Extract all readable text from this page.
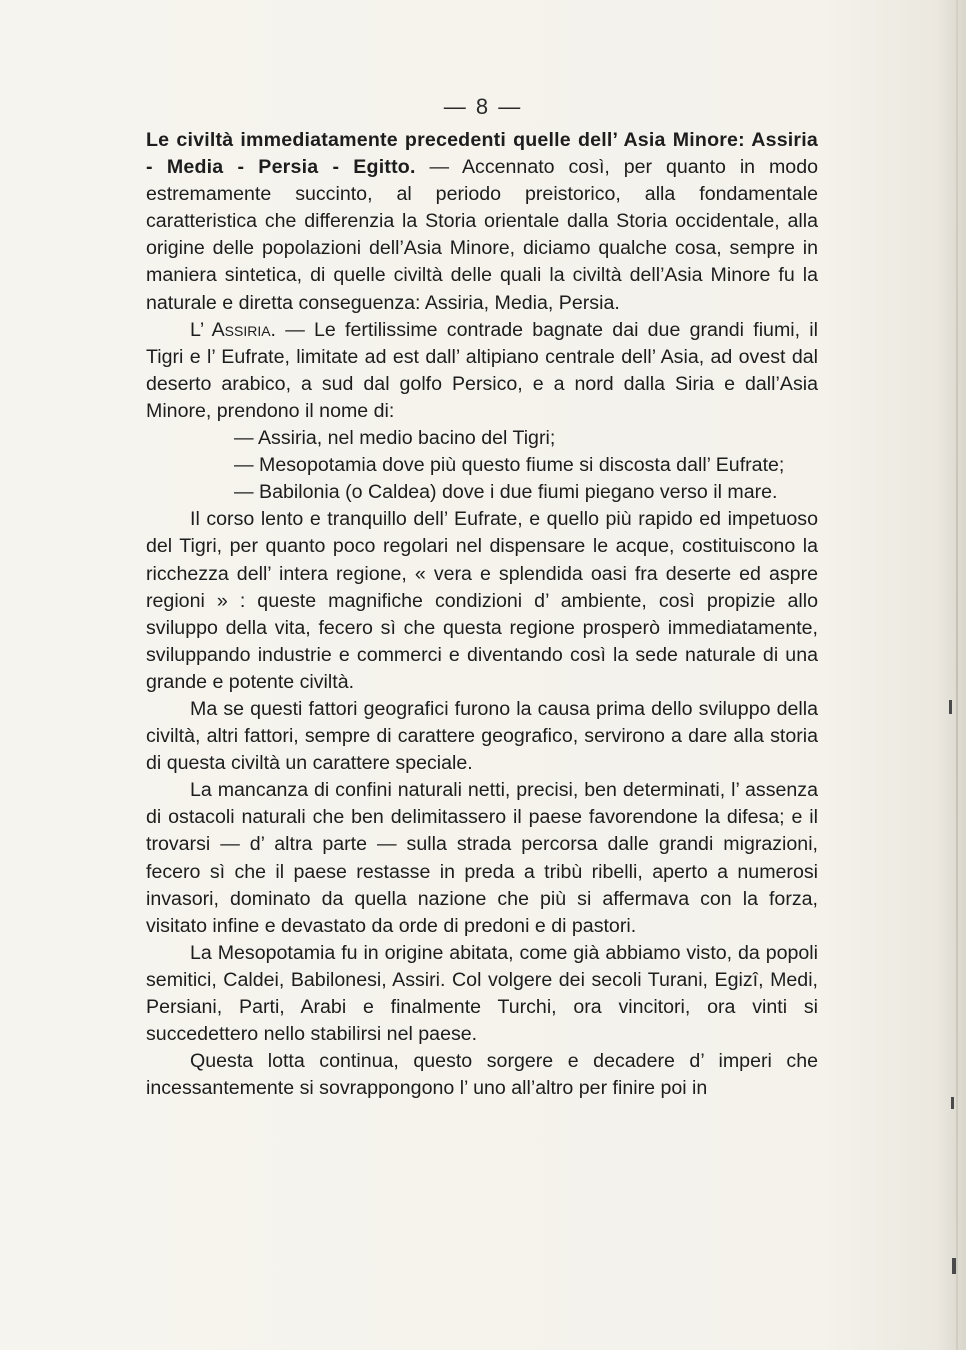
— 8 —

Le civiltà immediatamente precedenti quelle dell’ Asia Minore: Assiria - Media - Persia - Egitto. — Accennato così, per quanto in modo estremamente succinto, al periodo preistorico, alla fondamentale caratteristica che differenzia la Storia orientale dalla Storia occidentale, alla origine delle popolazioni dell’Asia Minore, diciamo qualche cosa, sempre in maniera sintetica, di quelle civiltà delle quali la civiltà dell’Asia Minore fu la naturale e diretta conseguenza: Assiria, Media, Persia.

L’ Assiria. — Le fertilissime contrade bagnate dai due grandi fiumi, il Tigri e l’ Eufrate, limitate ad est dall’ altipiano centrale dell’ Asia, ad ovest dal deserto arabico, a sud dal golfo Persico, e a nord dalla Siria e dall’Asia Minore, prendono il nome di:

— Assiria, nel medio bacino del Tigri;

— Mesopotamia dove più questo fiume si discosta dall’ Eufrate;

— Babilonia (o Caldea) dove i due fiumi piegano verso il mare.

Il corso lento e tranquillo dell’ Eufrate, e quello più rapido ed impetuoso del Tigri, per quanto poco regolari nel dispensare le acque, costituiscono la ricchezza dell’ intera regione, « vera e splendida oasi fra deserte ed aspre regioni » : queste magnifiche condizioni d’ ambiente, così propizie allo sviluppo della vita, fecero sì che questa regione prosperò immediatamente, sviluppando industrie e commerci e diventando così la sede naturale di una grande e potente civiltà.

Ma se questi fattori geografici furono la causa prima dello sviluppo della civiltà, altri fattori, sempre di carattere geografico, servirono a dare alla storia di questa civiltà un carattere speciale.

La mancanza di confini naturali netti, precisi, ben determinati, l’ assenza di ostacoli naturali che ben delimitassero il paese favorendone la difesa; e il trovarsi — d’ altra parte — sulla strada percorsa dalle grandi migrazioni, fecero sì che il paese restasse in preda a tribù ribelli, aperto a numerosi invasori, dominato da quella nazione che più si affermava con la forza, visitato infine e devastato da orde di predoni e di pastori.

La Mesopotamia fu in origine abitata, come già abbiamo visto, da popoli semitici, Caldei, Babilonesi, Assiri. Col volgere dei secoli Turani, Egizî, Medi, Persiani, Parti, Arabi e finalmente Turchi, ora vincitori, ora vinti si succedettero nello stabilirsi nel paese.

Questa lotta continua, questo sorgere e decadere d’ imperi che incessantemente si sovrappongono l’ uno all’altro per finire poi in
